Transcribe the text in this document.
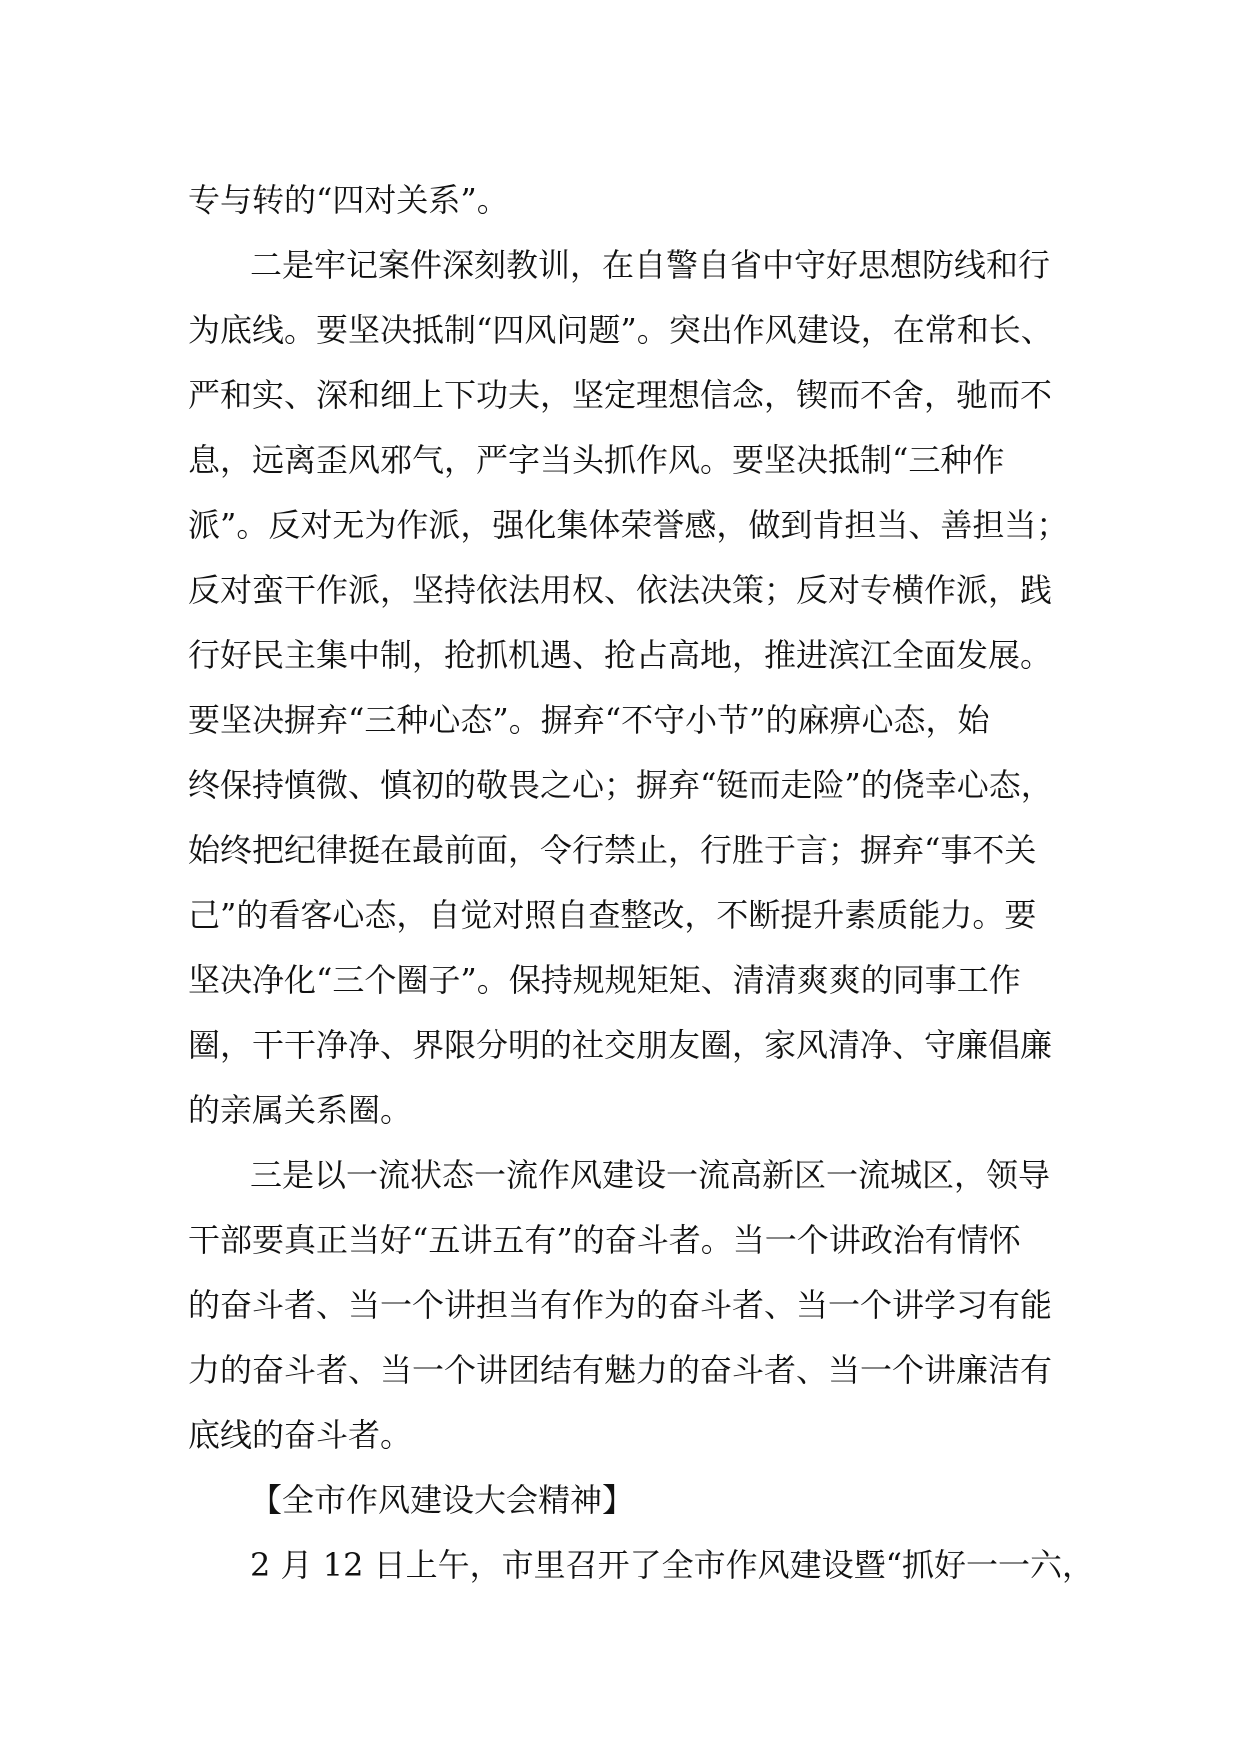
专与转的“四对关系”。
二是牢记案件深刻教训，在自警自省中守好思想防线和行
为底线。要坚决抵制“四风问题”。突出作风建设，在常和长、
严和实、深和细上下功夫，坚定理想信念，锲而不舍，驰而不
息，远离歪风邪气，严字当头抓作风。要坚决抵制“三种作
派”。反对无为作派，强化集体荣誉感，做到肯担当、善担当；
反对蛮干作派，坚持依法用权、依法决策；反对专横作派，践
行好民主集中制，抢抓机遇、抢占高地，推进滨江全面发展。
要坚决摒弃“三种心态”。摒弃“不守小节”的麻痹心态，始
终保持慎微、慎初的敬畏之心；摒弃“铤而走险”的侥幸心态，
始终把纪律挺在最前面，令行禁止，行胜于言；摒弃“事不关
己”的看客心态，自觉对照自查整改，不断提升素质能力。要
坚决净化“三个圈子”。保持规规矩矩、清清爽爽的同事工作
圈，干干净净、界限分明的社交朋友圈，家风清净、守廉倡廉
的亲属关系圈。
三是以一流状态一流作风建设一流高新区一流城区，领导
干部要真正当好“五讲五有”的奋斗者。当一个讲政治有情怀
的奋斗者、当一个讲担当有作为的奋斗者、当一个讲学习有能
力的奋斗者、当一个讲团结有魅力的奋斗者、当一个讲廉洁有
底线的奋斗者。
【全市作风建设大会精神】
2 月 12 日上午，市里召开了全市作风建设暨“抓好一一六，
